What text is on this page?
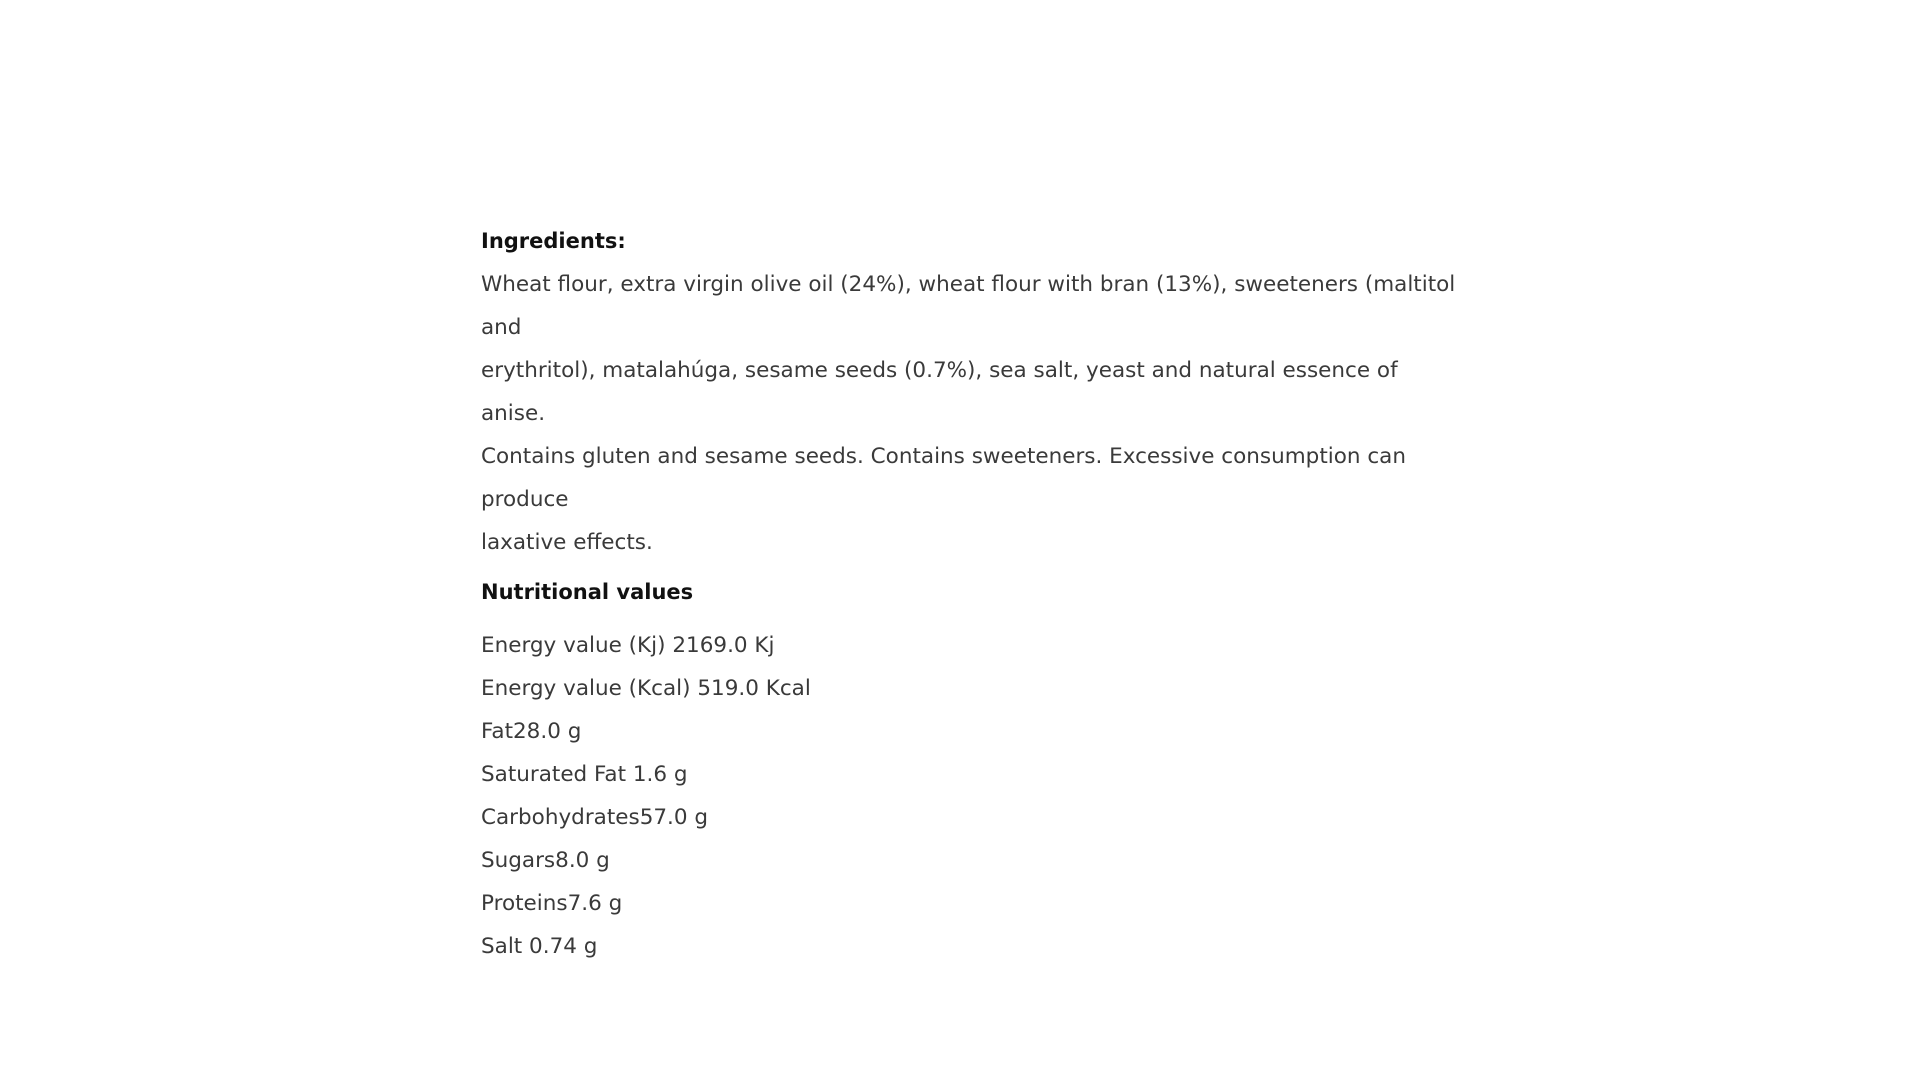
Ingredients:

Wheat flour, extra virgin olive oil (24%), wheat flour with bran (13%), sweeteners (maltitol and
erythritol), matalahúga, sesame seeds (0.7%), sea salt, yeast and natural essence of anise.
Contains gluten and sesame seeds. Contains sweeteners. Excessive consumption can produce
laxative effects.

Nutritional values
Energy value (Kj) 2169.0 Kj
Energy value (Kcal) 519.0 Kcal
Fat28.0 g
Saturated Fat 1.6 g
Carbohydrates57.0 g
Sugars8.0 g
Proteins7.6 g
Salt 0.74 g
